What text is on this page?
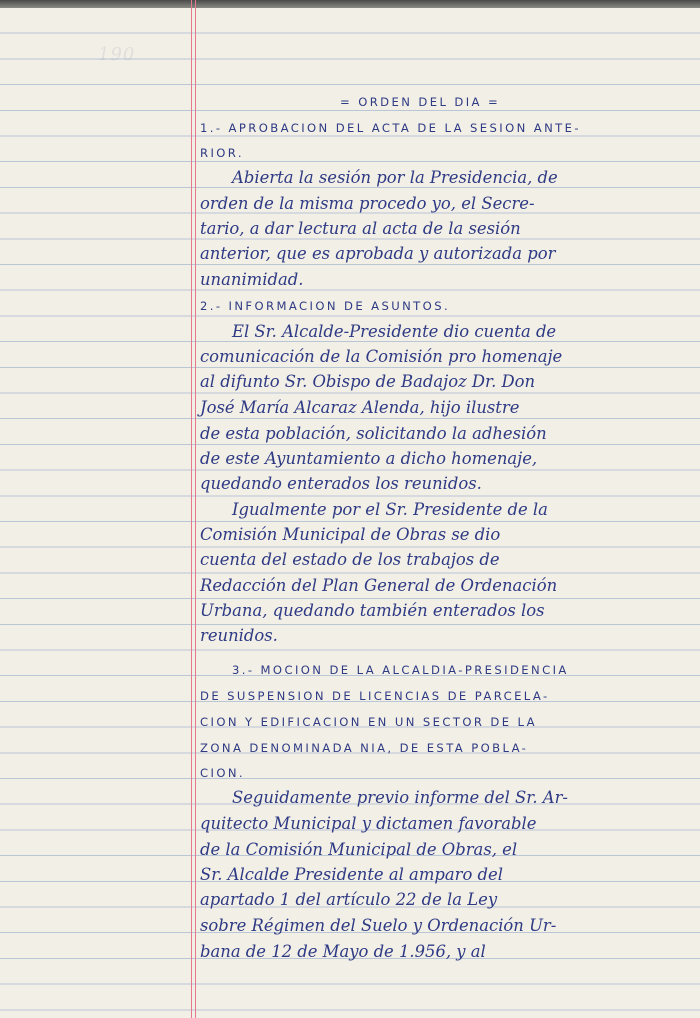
190
= ORDEN DEL DIA =
1.- APROBACION DEL ACTA DE LA SESION ANTE-
RIOR.
Abierta la sesión por la Presidencia, de
orden de la misma procedo yo, el Secre-
tario, a dar lectura al acta de la sesión
anterior, que es aprobada y autorizada por
unanimidad.
2.- INFORMACION DE ASUNTOS.
El Sr. Alcalde-Presidente dio cuenta de
comunicación de la Comisión pro homenaje
al difunto Sr. Obispo de Badajoz Dr. Don
José María Alcaraz Alenda, hijo ilustre
de esta población, solicitando la adhesión
de este Ayuntamiento a dicho homenaje,
quedando enterados los reunidos.
Igualmente por el Sr. Presidente de la
Comisión Municipal de Obras se dio
cuenta del estado de los trabajos de
Redacción del Plan General de Ordenación
Urbana, quedando también enterados los
reunidos.
3.- MOCION DE LA ALCALDIA-PRESIDENCIA
DE SUSPENSION DE LICENCIAS DE PARCELA-
CION Y EDIFICACION EN UN SECTOR DE LA
ZONA DENOMINADA NIA, DE ESTA POBLA-
CION.
Seguidamente previo informe del Sr. Ar-
quitecto Municipal y dictamen favorable
de la Comisión Municipal de Obras, el
Sr. Alcalde Presidente al amparo del
apartado 1 del artículo 22 de la Ley
sobre Régimen del Suelo y Ordenación Ur-
bana de 12 de Mayo de 1.956, y al
